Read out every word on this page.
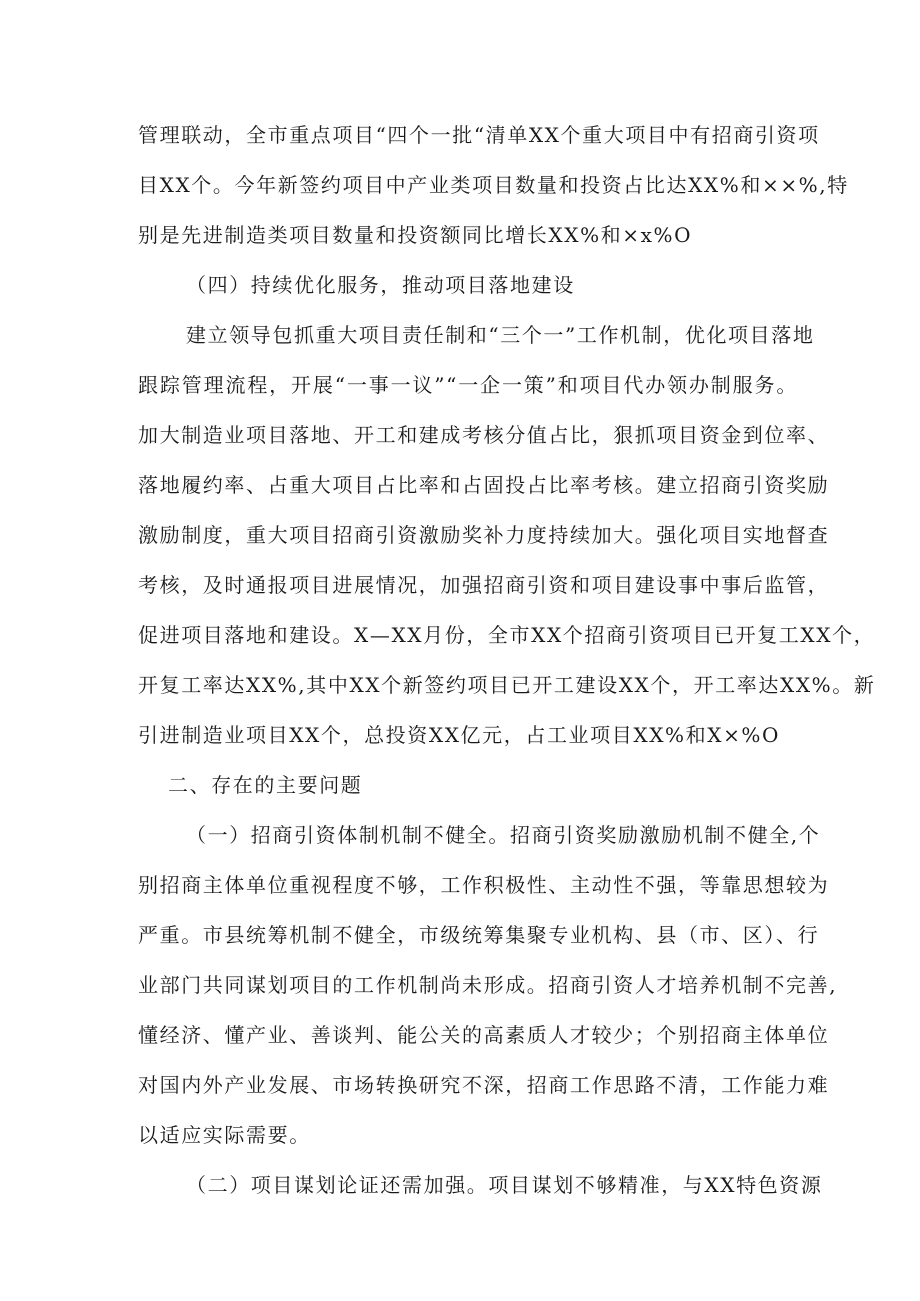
管理联动，全市重点项目“四个一批“清单XX个重大项目中有招商引资项
目XX个。今年新签约项目中产业类项目数量和投资占比达XX%和××%,特
别是先进制造类项目数量和投资额同比增长XX%和×x%O
（四）持续优化服务，推动项目落地建设
建立领导包抓重大项目责任制和“三个一”工作机制，优化项目落地
跟踪管理流程，开展“一事一议”“一企一策”和项目代办领办制服务。
加大制造业项目落地、开工和建成考核分值占比，狠抓项目资金到位率、
落地履约率、占重大项目占比率和占固投占比率考核。建立招商引资奖励
激励制度，重大项目招商引资激励奖补力度持续加大。强化项目实地督查
考核，及时通报项目进展情况，加强招商引资和项目建设事中事后监管，
促进项目落地和建设。X—XX月份，全市XX个招商引资项目已开复工XX个，
开复工率达XX%,其中XX个新签约项目已开工建设XX个，开工率达XX%。新
引进制造业项目XX个，总投资XX亿元，占工业项目XX%和X×%O
二、存在的主要问题
（一）招商引资体制机制不健全。招商引资奖励激励机制不健全,个
别招商主体单位重视程度不够，工作积极性、主动性不强，等靠思想较为
严重。市县统筹机制不健全，市级统筹集聚专业机构、县（市、区）、行
业部门共同谋划项目的工作机制尚未形成。招商引资人才培养机制不完善,
懂经济、懂产业、善谈判、能公关的高素质人才较少；个别招商主体单位
对国内外产业发展、市场转换研究不深，招商工作思路不清，工作能力难
以适应实际需要。
（二）项目谋划论证还需加强。项目谋划不够精准，与XX特色资源
